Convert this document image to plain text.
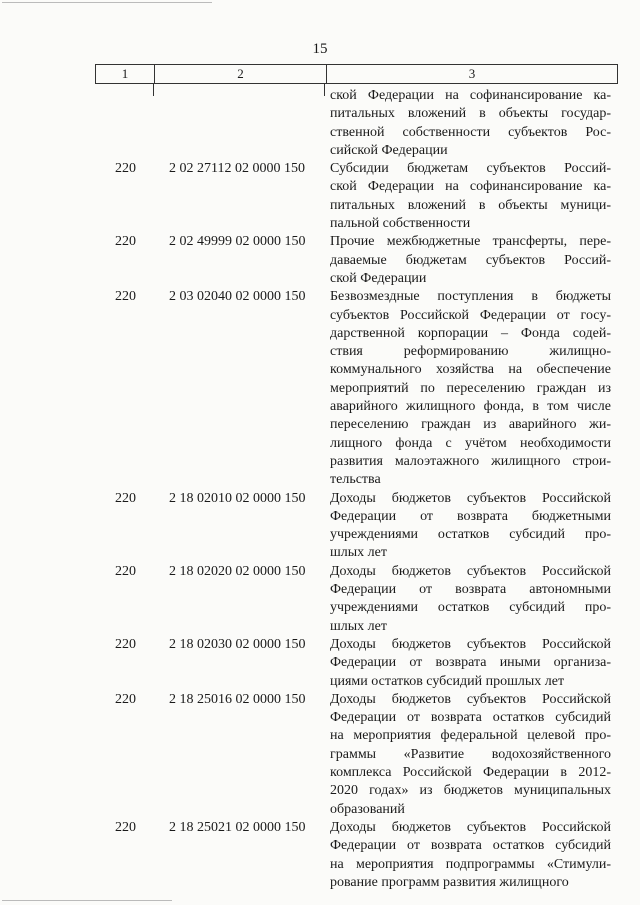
15
1	2	3
ской Федерации на софинансирование ка-
питальных вложений в объекты государ-
ственной собственности субъектов Рос-
сийской Федерации
220	2 02 27112 02 0000 150	Субсидии бюджетам субъектов Россий-
ской Федерации на софинансирование ка-
питальных вложений в объекты муници-
пальной собственности
220	2 02 49999 02 0000 150	Прочие межбюджетные трансферты, пере-
даваемые бюджетам субъектов Россий-
ской Федерации
220	2 03 02040 02 0000 150	Безвозмездные поступления в бюджеты
субъектов Российской Федерации от госу-
дарственной корпорации – Фонда содей-
ствия реформированию жилищно-
коммунального хозяйства на обеспечение
мероприятий по переселению граждан из
аварийного жилищного фонда, в том числе
переселению граждан из аварийного жи-
лищного фонда с учётом необходимости
развития малоэтажного жилищного строи-
тельства
220	2 18 02010 02 0000 150	Доходы бюджетов субъектов Российской
Федерации от возврата бюджетными
учреждениями остатков субсидий про-
шлых лет
220	2 18 02020 02 0000 150	Доходы бюджетов субъектов Российской
Федерации от возврата автономными
учреждениями остатков субсидий про-
шлых лет
220	2 18 02030 02 0000 150	Доходы бюджетов субъектов Российской
Федерации от возврата иными организа-
циями остатков субсидий прошлых лет
220	2 18 25016 02 0000 150	Доходы бюджетов субъектов Российской
Федерации от возврата остатков субсидий
на мероприятия федеральной целевой про-
граммы «Развитие водохозяйственного
комплекса Российской Федерации в 2012-
2020 годах» из бюджетов муниципальных
образований
220	2 18 25021 02 0000 150	Доходы бюджетов субъектов Российской
Федерации от возврата остатков субсидий
на мероприятия подпрограммы «Стимули-
рование программ развития жилищного
